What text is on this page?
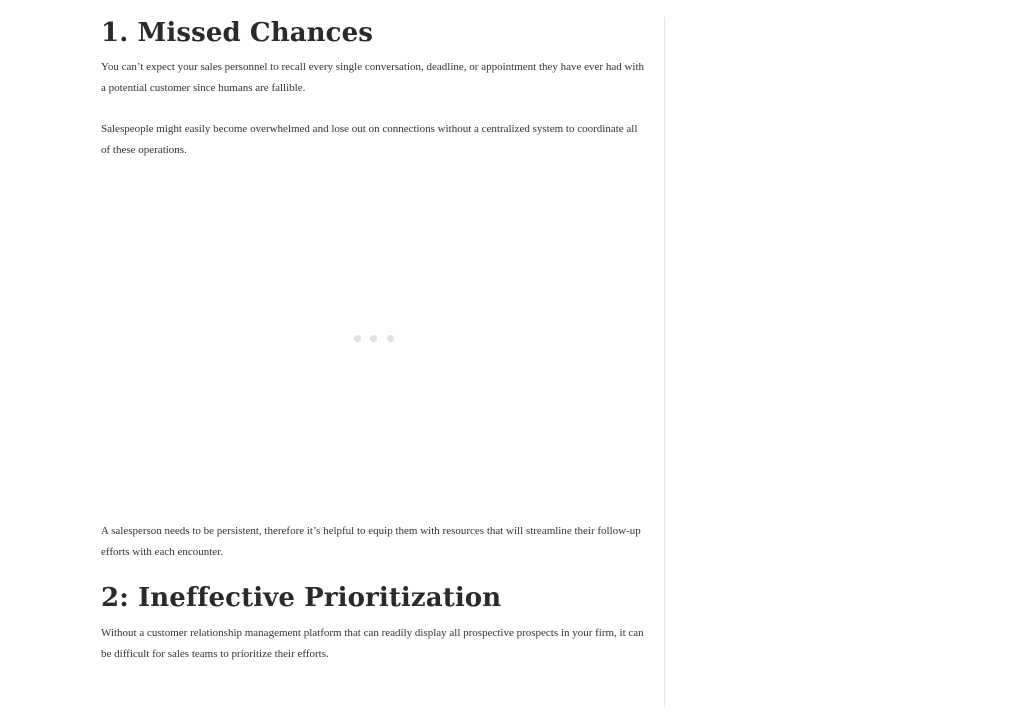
1. Missed Chances

You can’t expect your sales personnel to recall every single conversation, deadline, or appointment they have ever had with a potential customer since humans are fallible.

Salespeople might easily become overwhelmed and lose out on connections without a centralized system to coordinate all of these operations.

A salesperson needs to be persistent, therefore it’s helpful to equip them with resources that will streamline their follow-up efforts with each encounter.

2: Ineffective Prioritization

Without a customer relationship management platform that can readily display all prospective prospects in your firm, it can be difficult for sales teams to prioritize their efforts.
